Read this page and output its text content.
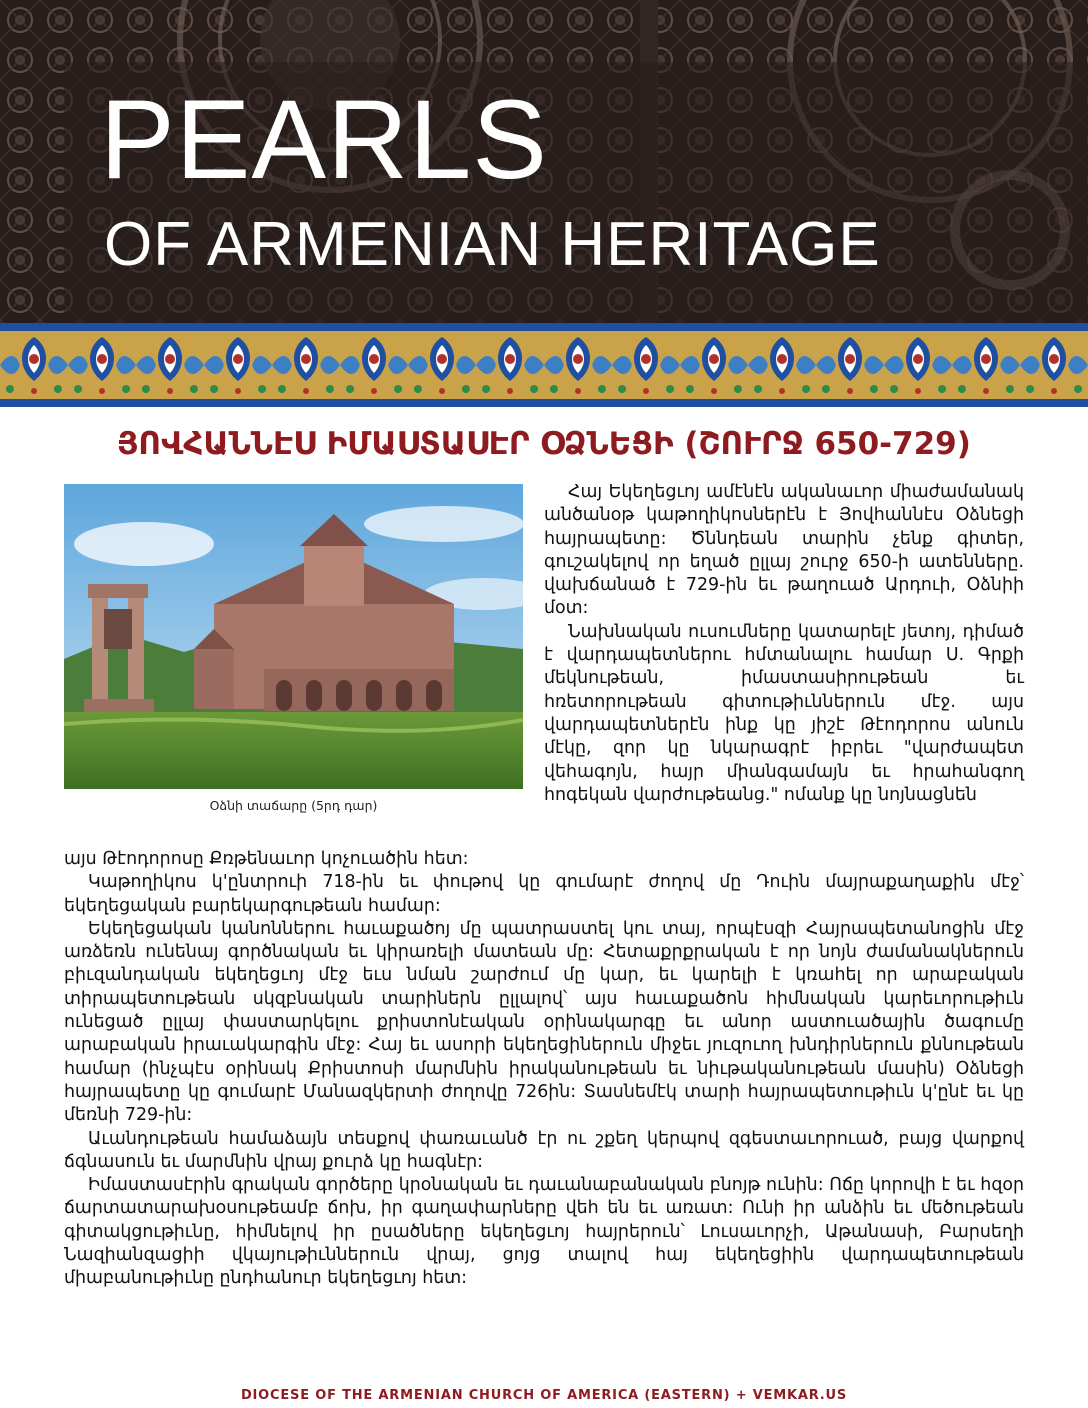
PEARLS
OF ARMENIAN HERITAGE
ՅՈՎՀԱՆՆԷՍ ԻՄԱՍՏԱՍԷՐ ՕՁՆԵՑԻ (ՇՈՒՐՋ 650-729)
Օձնի տաճարը (5րդ դար)

Հայ Եկեղեցւոյ ամէնէն ականաւոր միաժամանակ անծանօթ կաթողիկոսներէն է Յովհաննէս Օձնեցի հայրապետը: Ծննդեան տարին չենք գիտեր, գուշակելով որ եղած ըլլայ շուրջ 650-ի ատենները. վախճանած է 729-ին եւ թաղուած Արդուի, Օձնիի մօտ:

Նախնական ուսումները կատարելէ յետոյ, դիմած է վարդապետներու հմտանալու համար Ս. Գրքի մեկնութեան, իմաստասիրութեան եւ հռետորութեան գիտութիւններուն մէջ. այս վարդապետներէն ինք կը յիշէ Թէոդորոս անուն մէկը, զոր կը նկարագրէ իբրեւ "վարժապետ վեհագոյն, հայր միանգամայն եւ հրահանգող հոգեկան վարժութեանց." ոմանք կը նոյնացնեն

այս Թէոդորոսը Քռթենաւոր կոչուածին հետ:

Կաթողիկոս կ'ընտրուի 718-ին եւ փութով կը գումարէ ժողով մը Դուին մայրաքաղաքին մէջ՝ եկեղեցական բարեկարգութեան համար:

Եկեղեցական կանոններու հաւաքածոյ մը պատրաստել կու տայ, որպէսզի Հայրապետանոցին մէջ առձեռն ունենայ գործնական եւ կիրառելի մատեան մը: Հետաքրքրական է որ նոյն ժամանակներուն բիւզանդական եկեղեցւոյ մէջ եւս նման շարժում մը կար, եւ կարելի է կռահել որ արաբական տիրապետութեան սկզբնական տարիներն ըլլալով՝ այս հաւաքածոն հիմնական կարեւորութիւն ունեցած ըլլայ փաստարկելու քրիստոնէական օրինակարգը եւ անոր աստուածային ծագումը արաբական իրաւակարգին մէջ: Հայ եւ ասորի եկեղեցիներուն միջեւ յուզուող խնդիրներուն քննութեան համար (ինչպէս օրինակ Քրիստոսի մարմնին իրականութեան եւ նիւթականութեան մասին) Օձնեցի հայրապետը կը գումարէ Մանազկերտի ժողովը 726ին: Տասնեմէկ տարի հայրապետութիւն կ'ընէ եւ կը մեռնի 729-ին:

Աւանդութեան համաձայն տեսքով փառաւանծ էր ու շքեղ կերպով զգեստաւորուած, բայց վարքով ճգնասուն եւ մարմնին վրայ քուրձ կը հագնէր:

Իմաստասէրին գրական գործերը կրօնական եւ դաւանաբանական բնոյթ ունին: Ոճը կորովի է եւ հզօր ճարտատարախօսութեամբ ճոխ, իր գաղափարները վեհ են եւ առատ: Ունի իր անձին եւ մեծութեան գիտակցութիւնը, հիմնելով իր ըսածները եկեղեցւոյ հայրերուն՝ Լուսաւորչի, Աթանասի, Բարսեղի Նազիանզացիի վկայութիւններուն վրայ, ցոյց տալով հայ եկեղեցիին վարդապետութեան միաբանութիւնը ընդհանուր եկեղեցւոյ հետ:

DIOCESE OF THE ARMENIAN CHURCH OF AMERICA (EASTERN) + VEMKAR.US
